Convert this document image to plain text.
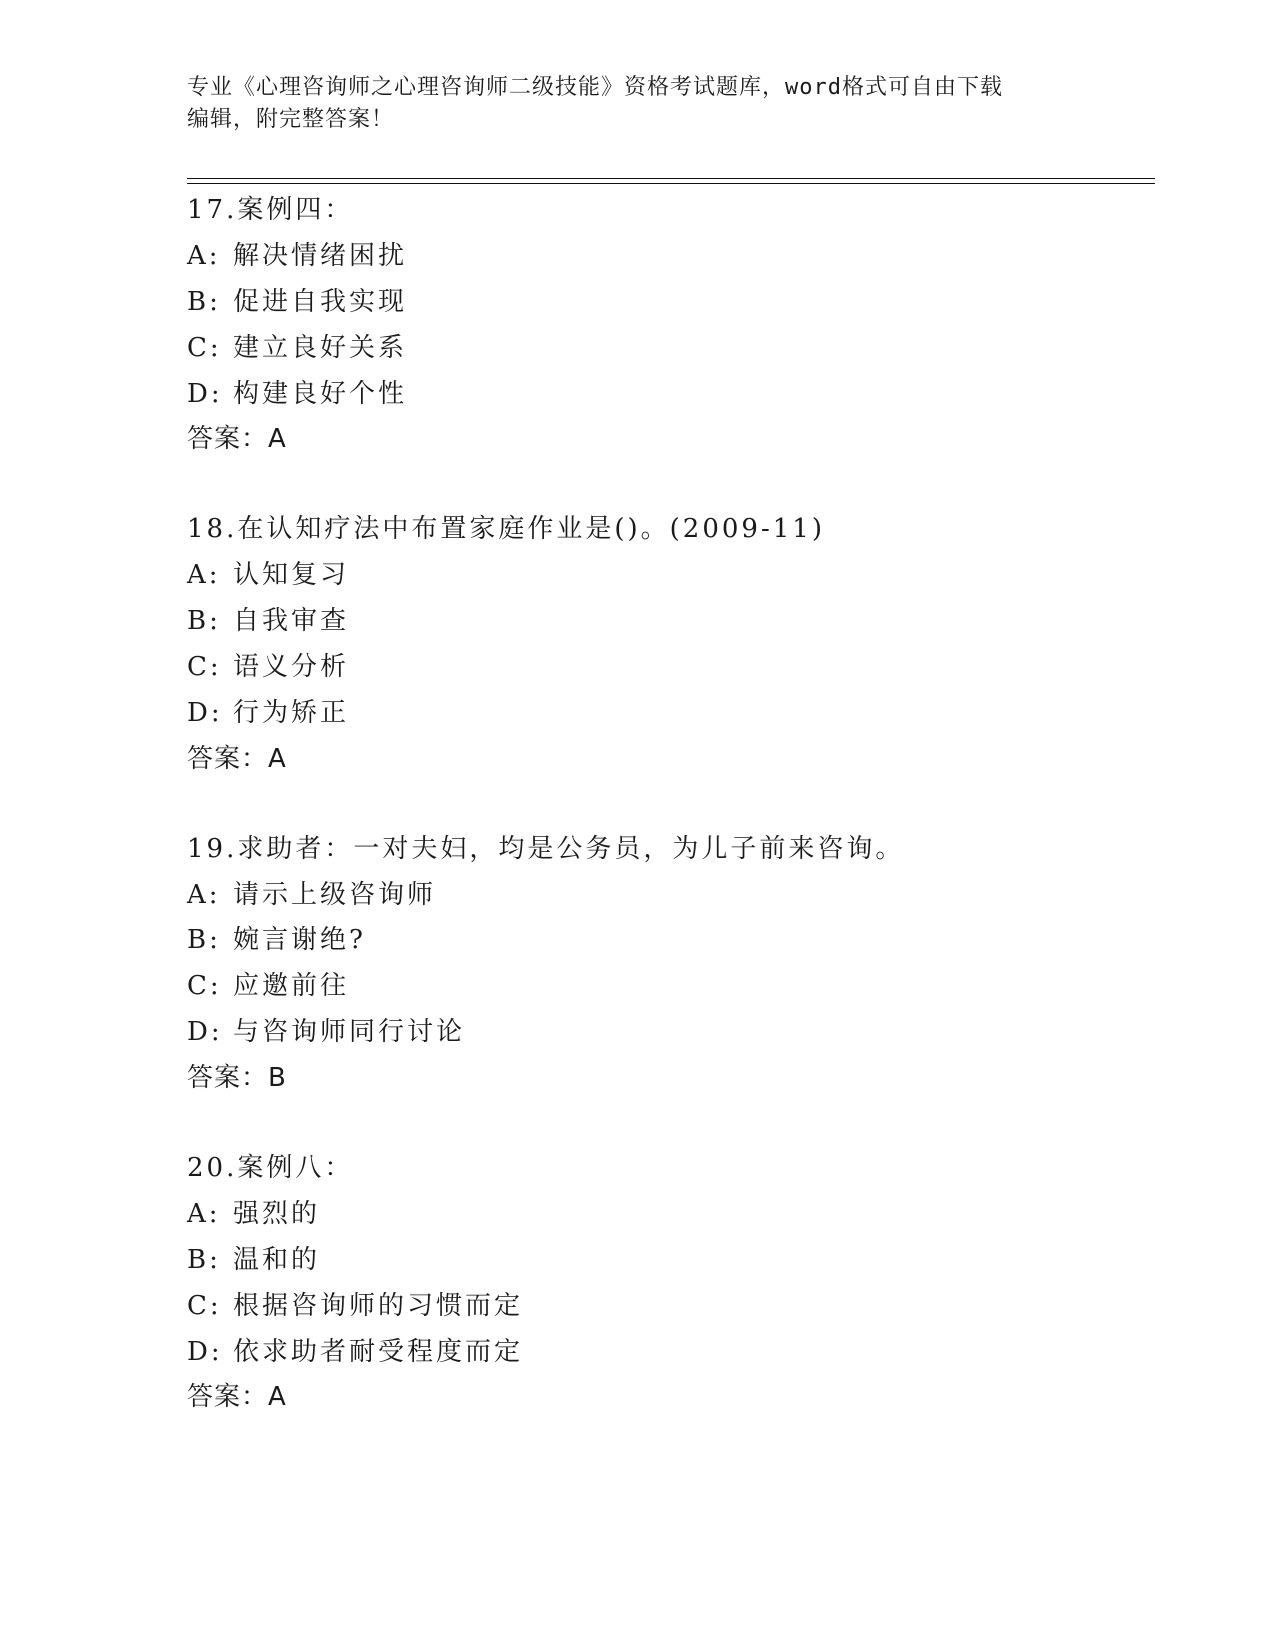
专业《心理咨询师之心理咨询师二级技能》资格考试题库，word格式可自由下载
编辑，附完整答案！
17.案例四：
A: 解决情绪困扰
B: 促进自我实现
C: 建立良好关系
D: 构建良好个性
答案：A
18.在认知疗法中布置家庭作业是()。(2009-11)
A: 认知复习
B: 自我审查
C: 语义分析
D: 行为矫正
答案：A
19.求助者：一对夫妇，均是公务员，为儿子前来咨询。
A: 请示上级咨询师
B: 婉言谢绝?
C: 应邀前往
D: 与咨询师同行讨论
答案：B
20.案例八：
A: 强烈的
B: 温和的
C: 根据咨询师的习惯而定
D: 依求助者耐受程度而定
答案：A
